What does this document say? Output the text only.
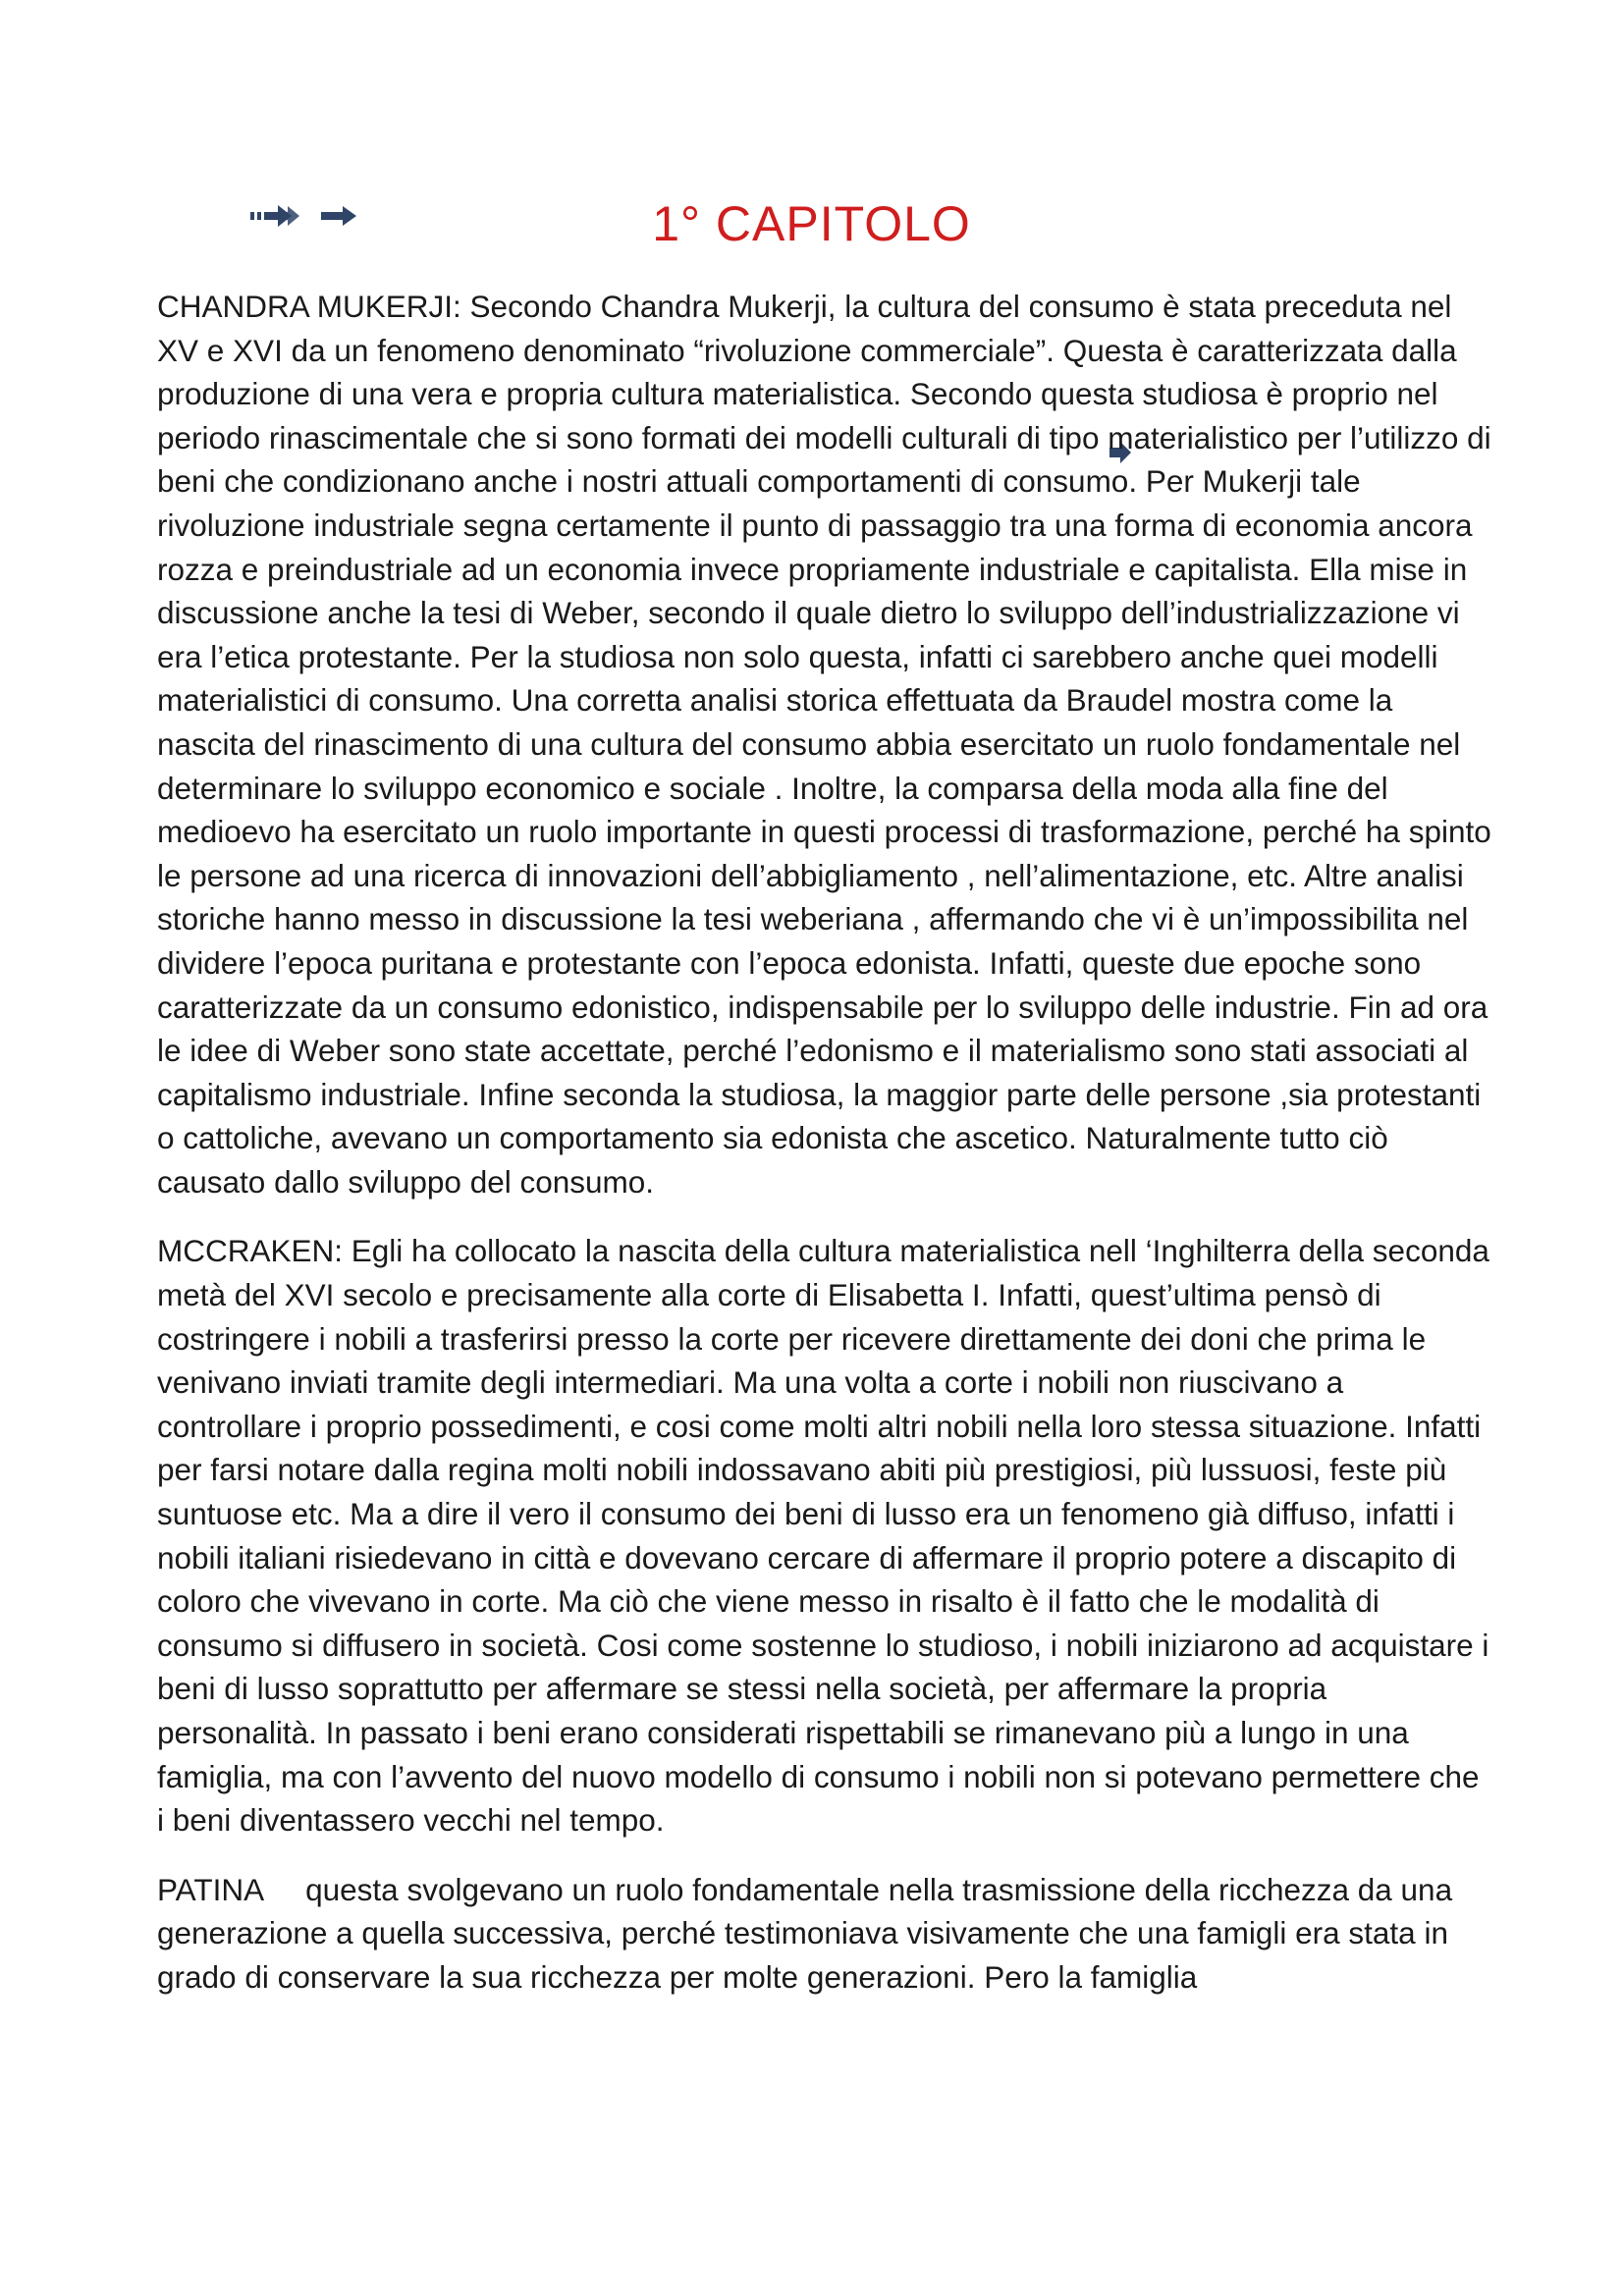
1° CAPITOLO

CHANDRA MUKERJI: Secondo Chandra Mukerji, la cultura del consumo è stata preceduta nel XV e XVI da un fenomeno denominato “rivoluzione commerciale”. Questa è caratterizzata dalla produzione di una vera e propria cultura materialistica. Secondo questa studiosa è proprio nel periodo rinascimentale che si sono formati dei modelli culturali di tipo materialistico per l’utilizzo di beni che condizionano anche i nostri attuali comportamenti di consumo. Per Mukerji tale rivoluzione industriale segna certamente il punto di passaggio tra una forma di economia ancora rozza e preindustriale ad un economia invece propriamente industriale e capitalista. Ella mise in discussione anche la tesi di Weber, secondo il quale dietro lo sviluppo dell’industrializzazione vi era l’etica protestante. Per la studiosa non solo questa, infatti ci sarebbero anche quei modelli materialistici di consumo. Una corretta analisi storica effettuata da Braudel mostra come la nascita del rinascimento di una cultura del consumo abbia esercitato un ruolo fondamentale nel determinare lo sviluppo economico e sociale . Inoltre, la comparsa della moda alla fine del medioevo ha esercitato un ruolo importante in questi processi di trasformazione, perché ha spinto le persone ad una ricerca di innovazioni dell’abbigliamento , nell’alimentazione, etc. Altre analisi storiche hanno messo in discussione la tesi weberiana , affermando che vi è un’impossibilita nel dividere l’epoca puritana e protestante con l’epoca edonista. Infatti, queste due epoche sono caratterizzate da un consumo edonistico, indispensabile per lo sviluppo delle industrie. Fin ad ora le idee di Weber sono state accettate, perché l’edonismo e il materialismo sono stati associati al capitalismo industriale. Infine seconda la studiosa, la maggior parte delle persone ,sia protestanti o cattoliche, avevano un comportamento sia edonista che ascetico. Naturalmente tutto ciò causato dallo sviluppo del consumo.

MCCRAKEN: Egli ha collocato la nascita della cultura materialistica nell ‘Inghilterra della seconda metà del XVI secolo e precisamente alla corte di Elisabetta I. Infatti, quest’ultima pensò di costringere i nobili a trasferirsi presso la corte per ricevere direttamente dei doni che prima le venivano inviati tramite degli intermediari. Ma una volta a corte i nobili non riuscivano a controllare i proprio possedimenti, e cosi come molti altri nobili nella loro stessa situazione. Infatti per farsi notare dalla regina molti nobili indossavano abiti più prestigiosi, più lussuosi, feste più suntuose etc. Ma a dire il vero il consumo dei beni di lusso era un fenomeno già diffuso, infatti i nobili italiani risiedevano in città e dovevano cercare di affermare il proprio potere a discapito di coloro che vivevano in corte. Ma ciò che viene messo in risalto è il fatto che le modalità di consumo si diffusero in società. Cosi come sostenne lo studioso, i nobili iniziarono ad acquistare i beni di lusso soprattutto per affermare se stessi nella società, per affermare la propria personalità. In passato i beni erano considerati rispettabili se rimanevano più a lungo in una famiglia, ma con l’avvento del nuovo modello di consumo i nobili non si potevano permettere che i beni diventassero vecchi nel tempo.

PATINA     questa svolgevano un ruolo fondamentale nella trasmissione della ricchezza da una generazione a quella successiva, perché testimoniava visivamente che una famigli era stata in grado di conservare la sua ricchezza per molte generazioni. Pero la famiglia
